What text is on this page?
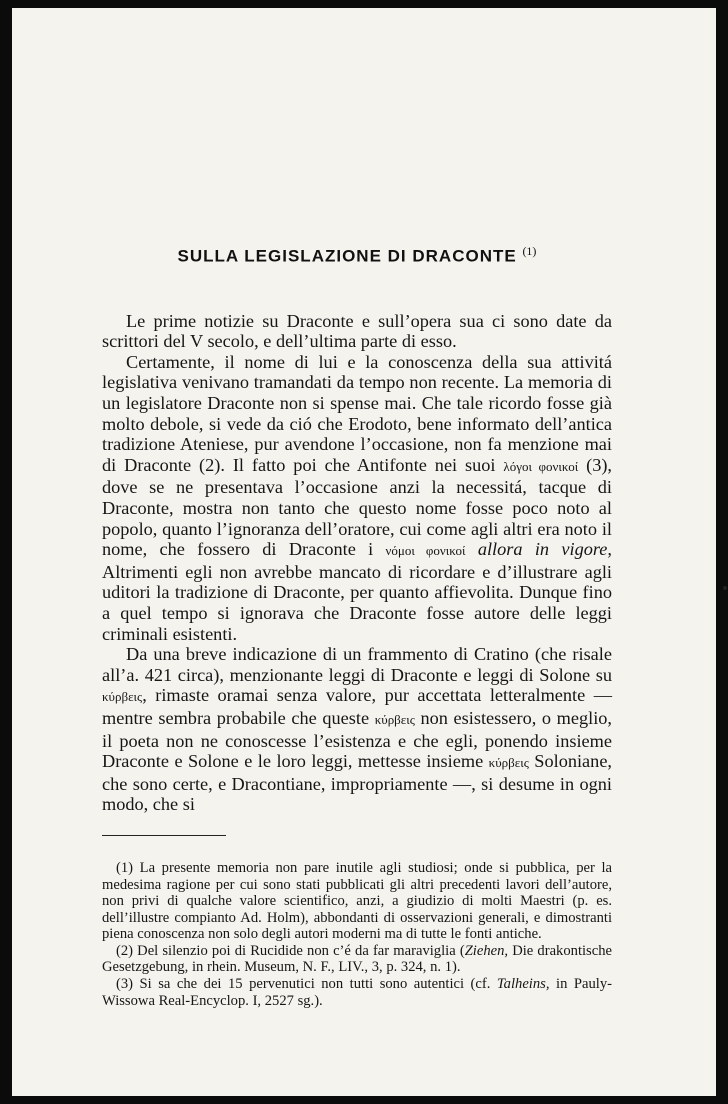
SULLA LEGISLAZIONE DI DRACONTE $^{(1)}$

Le prime notizie su Draconte e sull’opera sua ci sono date da scrittori del V secolo, e dell’ultima parte di esso.

Certamente, il nome di lui e la conoscenza della sua attivitá legislativa venivano tramandati da tempo non recente. La memoria di un legislatore Draconte non si spense mai. Che tale ricordo fosse già molto debole, si vede da ció che Erodoto, bene informato dell’antica tradizione Ateniese, pur avendone l’occasione, non fa menzione mai di Draconte (2). Il fatto poi che Antifonte nei suoi λόγοι φονικοί (3), dove se ne presentava l’occasione anzi la necessitá, tacque di Draconte, mostra non tanto che questo nome fosse poco noto al popolo, quanto l’ignoranza dell’oratore, cui come agli altri era noto il nome, che fossero di Draconte i νόμοι φονικοί allora in vigore, Altrimenti egli non avrebbe mancato di ricordare e d’illustrare agli uditori la tradizione di Draconte, per quanto affievolita. Dunque fino a quel tempo si ignorava che Draconte fosse autore delle leggi criminali esistenti.

Da una breve indicazione di un frammento di Cratino (che risale all’a. 421 circa), menzionante leggi di Draconte e leggi di Solone su κύρβεις, rimaste oramai senza valore, pur accettata letteralmente — mentre sembra probabile che queste κύρβεις non esistessero, o meglio, il poeta non ne conoscesse l’esistenza e che egli, ponendo insieme Draconte e Solone e le loro leggi, mettesse insieme κύρβεις Soloniane, che sono certe, e Dracontiane, impropriamente —, si desume in ogni modo, che si

(1) La presente memoria non pare inutile agli studiosi; onde si pubblica, per la medesima ragione per cui sono stati pubblicati gli altri precedenti lavori dell’autore, non privi di qualche valore scientifico, anzi, a giudizio di molti Maestri (p. es. dell’illustre compianto Ad. Holm), abbondanti di osservazioni generali, e dimostranti piena conoscenza non solo degli autori moderni ma di tutte le fonti antiche.

(2) Del silenzio poi di Rucidide non c’é da far maraviglia (Ziehen, Die drakontische Gesetzgebung, in rhein. Museum, N. F., LIV., 3, p. 324, n. 1).

(3) Si sa che dei 15 pervenutici non tutti sono autentici (cf. Talheins, in Pauly-Wissowa Real-Encyclop. I, 2527 sg.).
